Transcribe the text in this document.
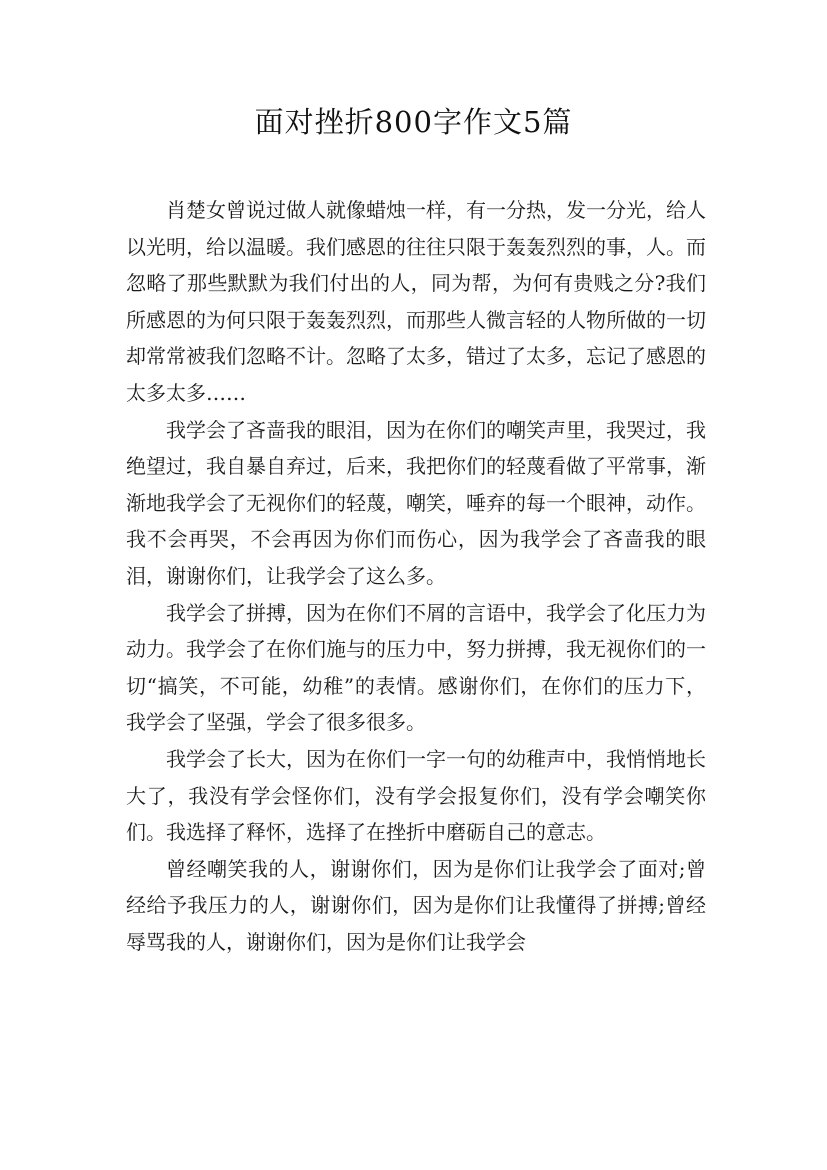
面对挫折800字作文5篇

肖楚女曾说过做人就像蜡烛一样，有一分热，发一分光，给人以光明，给以温暖。我们感恩的往往只限于轰轰烈烈的事，人。而忽略了那些默默为我们付出的人，同为帮，为何有贵贱之分?我们所感恩的为何只限于轰轰烈烈，而那些人微言轻的人物所做的一切却常常被我们忽略不计。忽略了太多，错过了太多，忘记了感恩的太多太多……

我学会了吝啬我的眼泪，因为在你们的嘲笑声里，我哭过，我绝望过，我自暴自弃过，后来，我把你们的轻蔑看做了平常事，渐渐地我学会了无视你们的轻蔑，嘲笑，唾弃的每一个眼神，动作。我不会再哭，不会再因为你们而伤心，因为我学会了吝啬我的眼泪，谢谢你们，让我学会了这么多。

我学会了拼搏，因为在你们不屑的言语中，我学会了化压力为动力。我学会了在你们施与的压力中，努力拼搏，我无视你们的一切“搞笑，不可能，幼稚”的表情。感谢你们，在你们的压力下，我学会了坚强，学会了很多很多。

我学会了长大，因为在你们一字一句的幼稚声中，我悄悄地长大了，我没有学会怪你们，没有学会报复你们，没有学会嘲笑你们。我选择了释怀，选择了在挫折中磨砺自己的意志。

曾经嘲笑我的人，谢谢你们，因为是你们让我学会了面对;曾经给予我压力的人，谢谢你们，因为是你们让我懂得了拼搏;曾经辱骂我的人，谢谢你们，因为是你们让我学会
